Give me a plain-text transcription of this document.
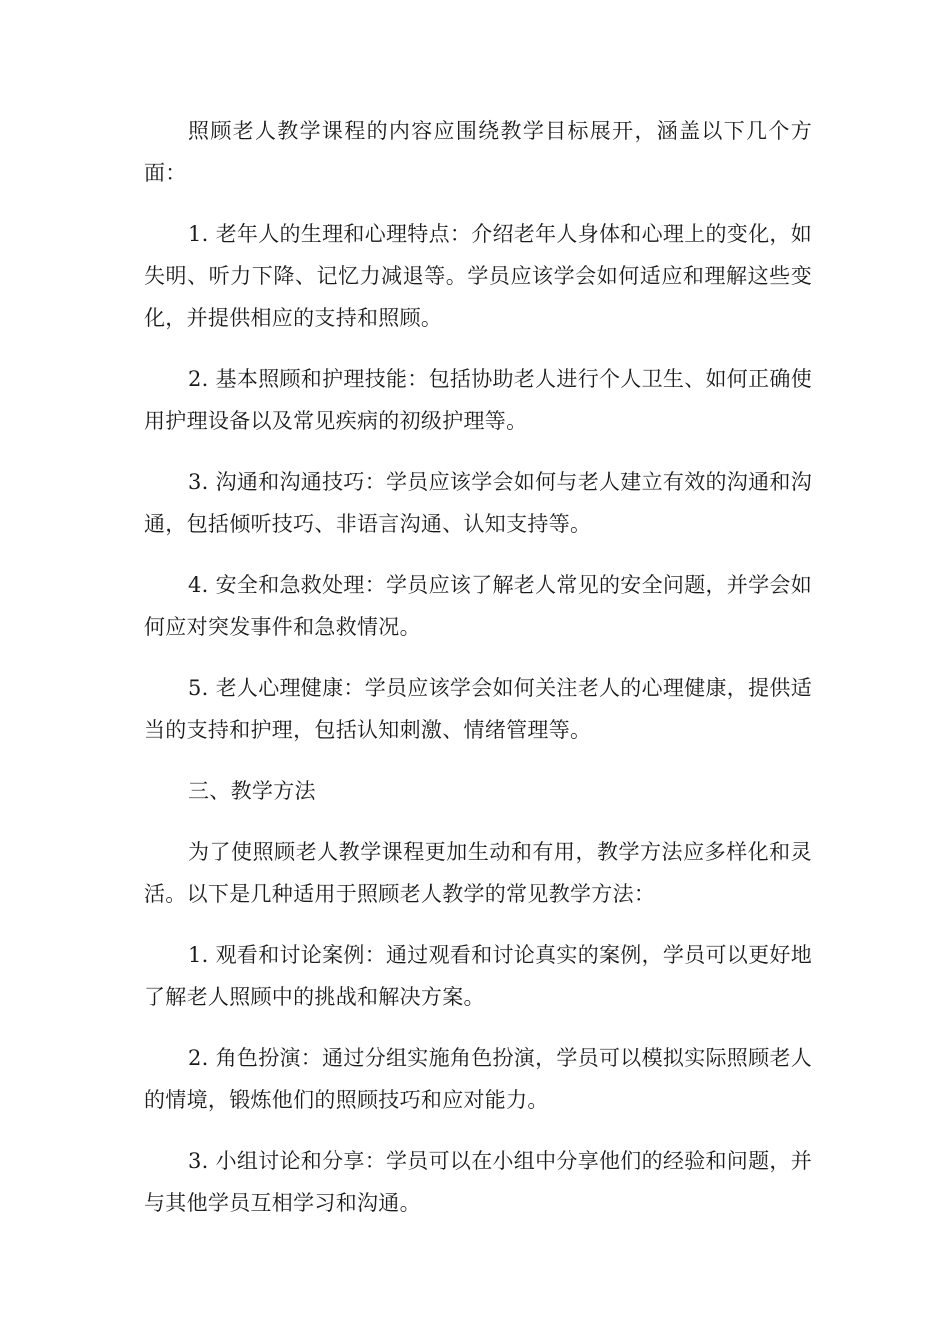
照顾老人教学课程的内容应围绕教学目标展开，涵盖以下几个方面：

1. 老年人的生理和心理特点：介绍老年人身体和心理上的变化，如失明、听力下降、记忆力减退等。学员应该学会如何适应和理解这些变化，并提供相应的支持和照顾。

2. 基本照顾和护理技能：包括协助老人进行个人卫生、如何正确使用护理设备以及常见疾病的初级护理等。

3. 沟通和沟通技巧：学员应该学会如何与老人建立有效的沟通和沟通，包括倾听技巧、非语言沟通、认知支持等。

4. 安全和急救处理：学员应该了解老人常见的安全问题，并学会如何应对突发事件和急救情况。

5. 老人心理健康：学员应该学会如何关注老人的心理健康，提供适当的支持和护理，包括认知刺激、情绪管理等。

三、教学方法

为了使照顾老人教学课程更加生动和有用，教学方法应多样化和灵活。以下是几种适用于照顾老人教学的常见教学方法：

1. 观看和讨论案例：通过观看和讨论真实的案例，学员可以更好地了解老人照顾中的挑战和解决方案。

2. 角色扮演：通过分组实施角色扮演，学员可以模拟实际照顾老人的情境，锻炼他们的照顾技巧和应对能力。

3. 小组讨论和分享：学员可以在小组中分享他们的经验和问题，并与其他学员互相学习和沟通。
